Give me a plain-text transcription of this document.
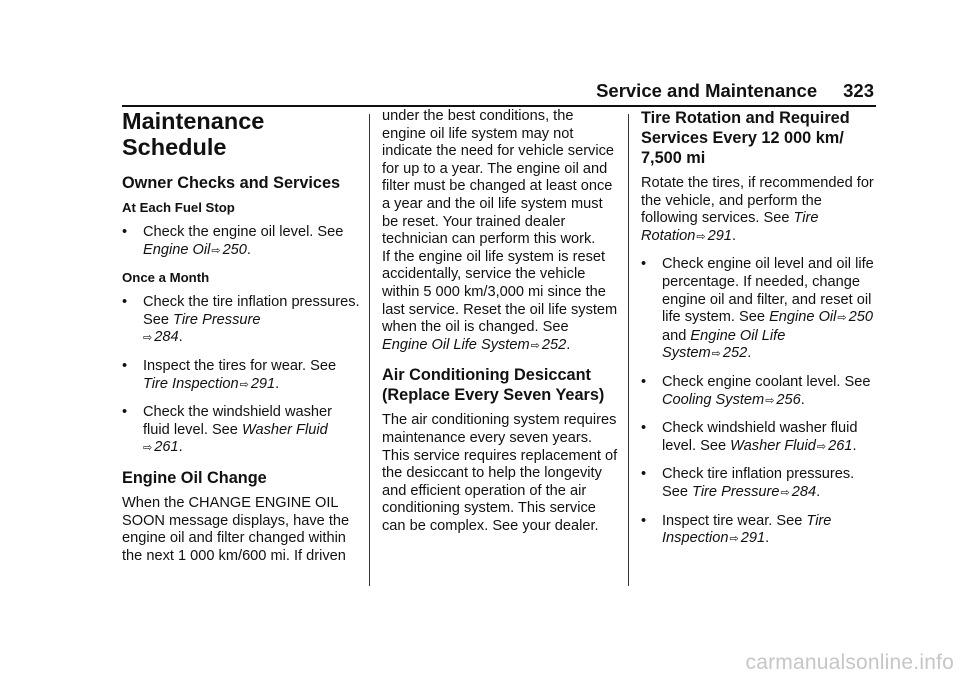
Service and Maintenance 323
Maintenance
Schedule
Owner Checks and Services
At Each Fuel Stop
• Check the engine oil level. See Engine Oil⇨ 250.
Once a Month
• Check the tire inflation pressures. See Tire Pressure
⇨ 284.
• Inspect the tires for wear. See Tire Inspection⇨ 291.
• Check the windshield washer fluid level. See Washer Fluid
⇨ 261.
Engine Oil Change

When the CHANGE ENGINE OIL SOON message displays, have the engine oil and filter changed within the next 1 000 km/600 mi. If driven

under the best conditions, the engine oil life system may not indicate the need for vehicle service for up to a year. The engine oil and filter must be changed at least once a year and the oil life system must be reset. Your trained dealer technician can perform this work.

If the engine oil life system is reset accidentally, service the vehicle within 5 000 km/3,000 mi since the last service. Reset the oil life system when the oil is changed. See Engine Oil Life System⇨ 252.

Air Conditioning Desiccant
(Replace Every Seven Years)

The air conditioning system requires maintenance every seven years. This service requires replacement of the desiccant to help the longevity and efficient operation of the air conditioning system. This service can be complex. See your dealer.

Tire Rotation and Required
Services Every 12 000 km/
7,500 mi

Rotate the tires, if recommended for the vehicle, and perform the following services. See Tire Rotation⇨ 291.

• Check engine oil level and oil life percentage. If needed, change engine oil and filter, and reset oil life system. See Engine Oil⇨ 250 and Engine Oil Life System⇨ 252.
• Check engine coolant level. See Cooling System⇨ 256.
• Check windshield washer fluid level. See Washer Fluid⇨ 261.
• Check tire inflation pressures. See Tire Pressure⇨ 284.
• Inspect tire wear. See Tire Inspection⇨ 291.
carmanualsonline.info
